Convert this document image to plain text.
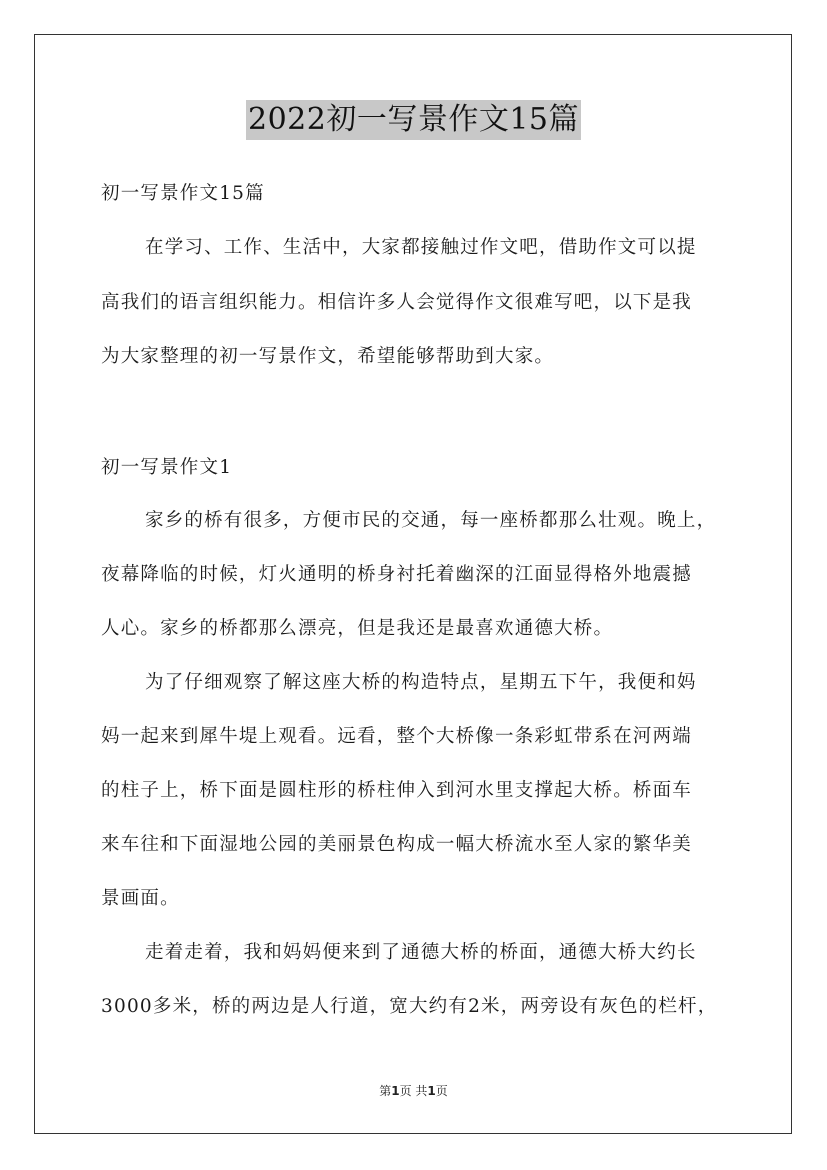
2022初一写景作文15篇
初一写景作文15篇
在学习、工作、生活中，大家都接触过作文吧，借助作文可以提
高我们的语言组织能力。相信许多人会觉得作文很难写吧，以下是我
为大家整理的初一写景作文，希望能够帮助到大家。
初一写景作文1
家乡的桥有很多，方便市民的交通，每一座桥都那么壮观。晚上，
夜幕降临的时候，灯火通明的桥身衬托着幽深的江面显得格外地震撼
人心。家乡的桥都那么漂亮，但是我还是最喜欢通德大桥。
为了仔细观察了解这座大桥的构造特点，星期五下午，我便和妈
妈一起来到犀牛堤上观看。远看，整个大桥像一条彩虹带系在河两端
的柱子上，桥下面是圆柱形的桥柱伸入到河水里支撑起大桥。桥面车
来车往和下面湿地公园的美丽景色构成一幅大桥流水至人家的繁华美
景画面。
走着走着，我和妈妈便来到了通德大桥的桥面，通德大桥大约长
3000多米，桥的两边是人行道，宽大约有2米，两旁设有灰色的栏杆，
第1页 共1页
